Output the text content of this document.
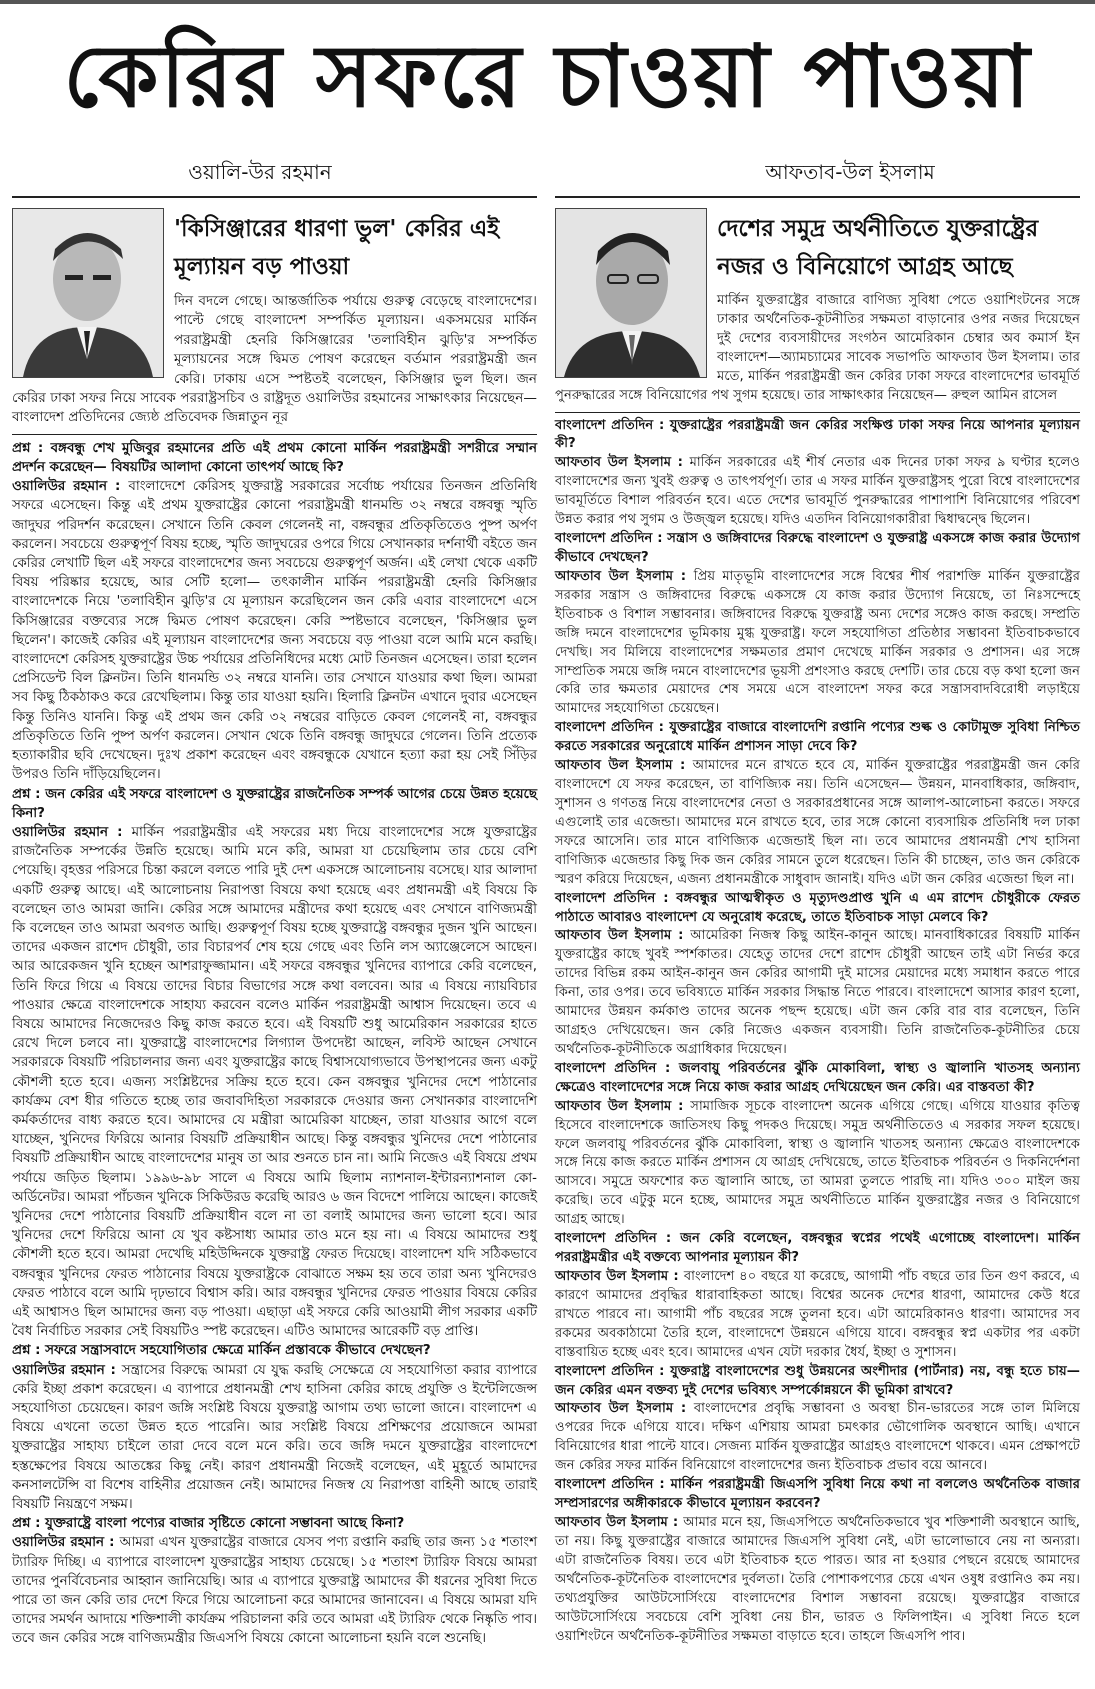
কেরির সফরে চাওয়া পাওয়া
ওয়ালি-উর রহমান	আফতাব-উল ইসলাম
'কিসিঞ্জারের ধারণা ভুল' কেরির এই মূল্যায়ন বড় পাওয়া
দিন বদলে গেছে। আন্তর্জাতিক পর্যায়ে গুরুত্ব বেড়েছে বাংলাদেশের। পাল্টে গেছে বাংলাদেশ সম্পর্কিত মূল্যায়ন। একসময়ের মার্কিন পররাষ্ট্রমন্ত্রী হেনরি কিসিঞ্জারের 'তলাবিহীন ঝুড়ি'র সম্পর্কিত মূল্যায়নের সঙ্গে দ্বিমত পোষণ করেছেন বর্তমান পররাষ্ট্রমন্ত্রী জন কেরি। ঢাকায় এসে স্পষ্টতই বলেছেন, কিসিঞ্জার ভুল ছিল। জন কেরির ঢাকা সফর নিয়ে সাবেক পররাষ্ট্রসচিব ও রাষ্ট্রদূত ওয়ালিউর রহমানের সাক্ষাৎকার নিয়েছেন— বাংলাদেশ প্রতিদিনের জ্যেষ্ঠ প্রতিবেদক জিন্নাতুন নূর

প্রশ্ন : বঙ্গবন্ধু শেখ মুজিবুর রহমানের প্রতি এই প্রথম কোনো মার্কিন পররাষ্ট্রমন্ত্রী সশরীরে সম্মান প্রদর্শন করেছেন— বিষয়টির আলাদা কোনো তাৎপর্য আছে কি?

ওয়ালিউর রহমান : বাংলাদেশে কেরিসহ যুক্তরাষ্ট্র সরকারের সর্বোচ্চ পর্যায়ের তিনজন প্রতিনিধি সফরে এসেছেন। কিন্তু এই প্রথম যুক্তরাষ্ট্রের কোনো পররাষ্ট্রমন্ত্রী ধানমন্ডি ৩২ নম্বরে বঙ্গবন্ধু স্মৃতি জাদুঘর পরিদর্শন করেছেন। সেখানে তিনি কেবল গেলেনই না, বঙ্গবন্ধুর প্রতিকৃতিতেও পুষ্প অর্পণ করলেন। সবচেয়ে গুরুত্বপূর্ণ বিষয় হচ্ছে, স্মৃতি জাদুঘরের ওপরে গিয়ে সেখানকার দর্শনার্থী বইতে জন কেরির লেখাটি ছিল এই সফরে বাংলাদেশের জন্য সবচেয়ে গুরুত্বপূর্ণ অর্জন। এই লেখা থেকে একটি বিষয় পরিষ্কার হয়েছে, আর সেটি হলো— তৎকালীন মার্কিন পররাষ্ট্রমন্ত্রী হেনরি কিসিঞ্জার বাংলাদেশকে নিয়ে 'তলাবিহীন ঝুড়ি'র যে মূল্যায়ন করেছিলেন জন কেরি এবার বাংলাদেশে এসে কিসিঞ্জারের বক্তব্যের সঙ্গে দ্বিমত পোষণ করেছেন। কেরি স্পষ্টভাবে বলেছেন, 'কিসিঞ্জার ভুল ছিলেন'। কাজেই কেরির এই মূল্যায়ন বাংলাদেশের জন্য সবচেয়ে বড় পাওয়া বলে আমি মনে করছি। বাংলাদেশে কেরিসহ যুক্তরাষ্ট্রের উচ্চ পর্যায়ের প্রতিনিধিদের মধ্যে মোট তিনজন এসেছেন। তারা হলেন প্রেসিডেন্ট বিল ক্লিনটন। তিনি ধানমন্ডি ৩২ নম্বরে যাননি। তার সেখানে যাওয়ার কথা ছিল। আমরা সব কিছু ঠিকঠাকও করে রেখেছিলাম। কিন্তু তার যাওয়া হয়নি। হিলারি ক্লিনটন এখানে দুবার এসেছেন কিন্তু তিনিও যাননি। কিন্তু এই প্রথম জন কেরি ৩২ নম্বরের বাড়িতে কেবল গেলেনই না, বঙ্গবন্ধুর প্রতিকৃতিতে তিনি পুষ্প অর্পণ করলেন। সেখান থেকে তিনি বঙ্গবন্ধু জাদুঘরে গেলেন। তিনি প্রত্যেক হত্যাকারীর ছবি দেখেছেন। দুঃখ প্রকাশ করেছেন এবং বঙ্গবন্ধুকে যেখানে হত্যা করা হয় সেই সিঁড়ির উপরও তিনি দাঁড়িয়েছিলেন।

প্রশ্ন : জন কেরির এই সফরে বাংলাদেশ ও যুক্তরাষ্ট্রের রাজনৈতিক সম্পর্ক আগের চেয়ে উন্নত হয়েছে কিনা?

ওয়ালিউর রহমান : মার্কিন পররাষ্ট্রমন্ত্রীর এই সফরের মধ্য দিয়ে বাংলাদেশের সঙ্গে যুক্তরাষ্ট্রের রাজনৈতিক সম্পর্কের উন্নতি হয়েছে। আমি মনে করি, আমরা যা চেয়েছিলাম তার চেয়ে বেশি পেয়েছি। বৃহত্তর পরিসরে চিন্তা করলে বলতে পারি দুই দেশ একসঙ্গে আলোচনায় বসেছে। যার আলাদা একটি গুরুত্ব আছে। এই আলোচনায় নিরাপত্তা বিষয়ে কথা হয়েছে এবং প্রধানমন্ত্রী এই বিষয়ে কি বলেছেন তাও আমরা জানি। কেরির সঙ্গে আমাদের মন্ত্রীদের কথা হয়েছে এবং সেখানে বাণিজ্যমন্ত্রী কি বলেছেন তাও আমরা অবগত আছি। গুরুত্বপূর্ণ বিষয় হচ্ছে যুক্তরাষ্ট্রে বঙ্গবন্ধুর দুজন খুনি আছেন। তাদের একজন রাশেদ চৌধুরী, তার বিচারপর্ব শেষ হয়ে গেছে এবং তিনি লস অ্যাঞ্জেলেসে আছেন। আর আরেকজন খুনি হচ্ছেন আশরাফুজ্জামান। এই সফরে বঙ্গবন্ধুর খুনিদের ব্যাপারে কেরি বলেছেন, তিনি ফিরে গিয়ে এ বিষয়ে তাদের বিচার বিভাগের সঙ্গে কথা বলবেন। আর এ বিষয়ে ন্যায়বিচার পাওয়ার ক্ষেত্রে বাংলাদেশকে সাহায্য করবেন বলেও মার্কিন পররাষ্ট্রমন্ত্রী আশ্বাস দিয়েছেন। তবে এ বিষয়ে আমাদের নিজেদেরও কিছু কাজ করতে হবে। এই বিষয়টি শুধু আমেরিকান সরকারের হাতে রেখে দিলে চলবে না। যুক্তরাষ্ট্রে বাংলাদেশের লিগ্যাল উপদেষ্টা আছেন, লবিস্ট আছেন সেখানে সরকারকে বিষয়টি পরিচালনার জন্য এবং যুক্তরাষ্ট্রের কাছে বিশ্বাসযোগ্যভাবে উপস্থাপনের জন্য একটু কৌশলী হতে হবে। এজন্য সংশ্লিষ্টদের সক্রিয় হতে হবে। কেন বঙ্গবন্ধুর খুনিদের দেশে পাঠানোর কার্যক্রম বেশ ধীর গতিতে হচ্ছে তার জবাবদিহিতা সরকারকে দেওয়ার জন্য সেখানকার বাংলাদেশি কর্মকর্তাদের বাধ্য করতে হবে। আমাদের যে মন্ত্রীরা আমেরিকা যাচ্ছেন, তারা যাওয়ার আগে বলে যাচ্ছেন, খুনিদের ফিরিয়ে আনার বিষয়টি প্রক্রিয়াধীন আছে। কিন্তু বঙ্গবন্ধুর খুনিদের দেশে পাঠানোর বিষয়টি প্রক্রিয়াধীন আছে বাংলাদেশের মানুষ তা আর শুনতে চান না। আমি নিজেও এই বিষয়ে প্রথম পর্যায়ে জড়িত ছিলাম। ১৯৯৬-৯৮ সালে এ বিষয়ে আমি ছিলাম ন্যাশনাল-ইন্টারন্যাশনাল কো-অর্ডিনেটর। আমরা পাঁচজন খুনিকে সিকিউরড করেছি আরও ৬ জন বিদেশে পালিয়ে আছেন। কাজেই খুনিদের দেশে পাঠানোর বিষয়টি প্রক্রিয়াধীন বলে না তা বলাই আমাদের জন্য ভালো হবে। আর খুনিদের দেশে ফিরিয়ে আনা যে খুব কষ্টসাধ্য আমার তাও মনে হয় না। এ বিষয়ে আমাদের শুধু কৌশলী হতে হবে। আমরা দেখেছি মহিউদ্দিনকে যুক্তরাষ্ট্র ফেরত দিয়েছে। বাংলাদেশ যদি সঠিকভাবে বঙ্গবন্ধুর খুনিদের ফেরত পাঠানোর বিষয়ে যুক্তরাষ্ট্রকে বোঝাতে সক্ষম হয় তবে তারা অন্য খুনিদেরও ফেরত পাঠাবে বলে আমি দৃঢ়ভাবে বিশ্বাস করি। আর বঙ্গবন্ধুর খুনিদের ফেরত পাওয়ার বিষয়ে কেরির এই আশ্বাসও ছিল আমাদের জন্য বড় পাওয়া। এছাড়া এই সফরে কেরি আওয়ামী লীগ সরকার একটি বৈধ নির্বাচিত সরকার সেই বিষয়টিও স্পষ্ট করেছেন। এটিও আমাদের আরেকটি বড় প্রাপ্তি।

প্রশ্ন : সফরে সন্ত্রাসবাদে সহযোগিতার ক্ষেত্রে মার্কিন প্রস্তাবকে কীভাবে দেখছেন?

ওয়ালিউর রহমান : সন্ত্রাসের বিরুদ্ধে আমরা যে যুদ্ধ করছি সেক্ষেত্রে যে সহযোগিতা করার ব্যাপারে কেরি ইচ্ছা প্রকাশ করেছেন। এ ব্যাপারে প্রধানমন্ত্রী শেখ হাসিনা কেরির কাছে প্রযুক্তি ও ইন্টেলিজেন্স সহযোগিতা চেয়েছেন। কারণ জঙ্গি সংশ্লিষ্ট বিষয়ে যুক্তরাষ্ট্র আগাম তথ্য ভালো জানে। বাংলাদেশ এ বিষয়ে এখনো ততো উন্নত হতে পারেনি। আর সংশ্লিষ্ট বিষয়ে প্রশিক্ষণের প্রয়োজনে আমরা যুক্তরাষ্ট্রের সাহায্য চাইলে তারা দেবে বলে মনে করি। তবে জঙ্গি দমনে যুক্তরাষ্ট্রের বাংলাদেশে হস্তক্ষেপের বিষয়ে আতঙ্কের কিছু নেই। কারণ প্রধানমন্ত্রী নিজেই বলেছেন, এই মুহূর্তে আমাদের কনসালটেন্সি বা বিশেষ বাহিনীর প্রয়োজন নেই। আমাদের নিজস্ব যে নিরাপত্তা বাহিনী আছে তারাই বিষয়টি নিয়ন্ত্রণে সক্ষম।

প্রশ্ন : যুক্তরাষ্ট্রে বাংলা পণ্যের বাজার সৃষ্টিতে কোনো সম্ভাবনা আছে কিনা?

ওয়ালিউর রহমান : আমরা এখন যুক্তরাষ্ট্রের বাজারে যেসব পণ্য রপ্তানি করছি তার জন্য ১৫ শতাংশ ট্যারিফ দিচ্ছি। এ ব্যাপারে বাংলাদেশ যুক্তরাষ্ট্রের সাহায্য চেয়েছে। ১৫ শতাংশ ট্যারিফ বিষয়ে আমরা তাদের পুনর্বিবেচনার আহ্বান জানিয়েছি। আর এ ব্যাপারে যুক্তরাষ্ট্র আমাদের কী ধরনের সুবিধা দিতে পারে তা জন কেরি তার দেশে ফিরে গিয়ে আলোচনা করে আমাদের জানাবেন। এ বিষয়ে আমরা যদি তাদের সমর্থন আদায়ে শক্তিশালী কার্যক্রম পরিচালনা করি তবে আমরা এই ট্যারিফ থেকে নিষ্কৃতি পাব। তবে জন কেরির সঙ্গে বাণিজ্যমন্ত্রীর জিএসপি বিষয়ে কোনো আলোচনা হয়নি বলে শুনেছি।

দেশের সমুদ্র অর্থনীতিতে যুক্তরাষ্ট্রের নজর ও বিনিয়োগে আগ্রহ আছে
মার্কিন যুক্তরাষ্ট্রের বাজারে বাণিজ্য সুবিধা পেতে ওয়াশিংটনের সঙ্গে ঢাকার অর্থনৈতিক-কূটনীতির সক্ষমতা বাড়ানোর ওপর নজর দিয়েছেন দুই দেশের ব্যবসায়ীদের সংগঠন আমেরিকান চেম্বার অব কমার্স ইন বাংলাদেশ—অ্যামচ্যামের সাবেক সভাপতি আফতাব উল ইসলাম। তার মতে, মার্কিন পররাষ্ট্রমন্ত্রী জন কেরির ঢাকা সফরে বাংলাদেশের ভাবমূর্তি পুনরুদ্ধারের সঙ্গে বিনিয়োগের পথ সুগম হয়েছে। তার সাক্ষাৎকার নিয়েছেন— রুহুল আমিন রাসেল

বাংলাদেশ প্রতিদিন : যুক্তরাষ্ট্রের পররাষ্ট্রমন্ত্রী জন কেরির সংক্ষিপ্ত ঢাকা সফর নিয়ে আপনার মূল্যায়ন কী?

আফতাব উল ইসলাম : মার্কিন সরকারের এই শীর্ষ নেতার এক দিনের ঢাকা সফর ৯ ঘণ্টার হলেও বাংলাদেশের জন্য খুবই গুরুত্ব ও তাৎপর্যপূর্ণ। তার এ সফর মার্কিন যুক্তরাষ্ট্রসহ পুরো বিশ্বে বাংলাদেশের ভাবমূর্তিতে বিশাল পরিবর্তন হবে। এতে দেশের ভাবমূর্তি পুনরুদ্ধারের পাশাপাশি বিনিয়োগের পরিবেশ উন্নত করার পথ সুগম ও উজ্জ্বল হয়েছে। যদিও এতদিন বিনিয়োগকারীরা দ্বিধাদ্বন্দ্বে ছিলেন।

বাংলাদেশ প্রতিদিন : সন্ত্রাস ও জঙ্গিবাদের বিরুদ্ধে বাংলাদেশ ও যুক্তরাষ্ট্র একসঙ্গে কাজ করার উদ্যোগ কীভাবে দেখছেন?

আফতাব উল ইসলাম : প্রিয় মাতৃভূমি বাংলাদেশের সঙ্গে বিশ্বের শীর্ষ পরাশক্তি মার্কিন যুক্তরাষ্ট্রের সরকার সন্ত্রাস ও জঙ্গিবাদের বিরুদ্ধে একসঙ্গে যে কাজ করার উদ্যোগ নিয়েছে, তা নিঃসন্দেহে ইতিবাচক ও বিশাল সম্ভাবনার। জঙ্গিবাদের বিরুদ্ধে যুক্তরাষ্ট্র অন্য দেশের সঙ্গেও কাজ করছে। সম্প্রতি জঙ্গি দমনে বাংলাদেশের ভূমিকায় মুগ্ধ যুক্তরাষ্ট্র। ফলে সহযোগিতা প্রতিষ্ঠার সম্ভাবনা ইতিবাচকভাবে দেখছি। সব মিলিয়ে বাংলাদেশের সক্ষমতার প্রমাণ দেখেছে মার্কিন সরকার ও প্রশাসন। এর সঙ্গে সাম্প্রতিক সময়ে জঙ্গি দমনে বাংলাদেশের ভূয়সী প্রশংসাও করছে দেশটি। তার চেয়ে বড় কথা হলো জন কেরি তার ক্ষমতার মেয়াদের শেষ সময়ে এসে বাংলাদেশ সফর করে সন্ত্রাসবাদবিরোধী লড়াইয়ে আমাদের সহযোগিতা চেয়েছেন।

বাংলাদেশ প্রতিদিন : যুক্তরাষ্ট্রের বাজারে বাংলাদেশি রপ্তানি পণ্যের শুল্ক ও কোটামুক্ত সুবিধা নিশ্চিত করতে সরকারের অনুরোধে মার্কিন প্রশাসন সাড়া দেবে কি?

আফতাব উল ইসলাম : আমাদের মনে রাখতে হবে যে, মার্কিন যুক্তরাষ্ট্রের পররাষ্ট্রমন্ত্রী জন কেরি বাংলাদেশে যে সফর করেছেন, তা বাণিজ্যিক নয়। তিনি এসেছেন— উন্নয়ন, মানবাধিকার, জঙ্গিবাদ, সুশাসন ও গণতন্ত্র নিয়ে বাংলাদেশের নেতা ও সরকারপ্রধানের সঙ্গে আলাপ-আলোচনা করতে। সফরে এগুলোই তার এজেন্ডা। আমাদের মনে রাখতে হবে, তার সঙ্গে কোনো ব্যবসায়িক প্রতিনিধি দল ঢাকা সফরে আসেনি। তার মানে বাণিজ্যিক এজেন্ডাই ছিল না। তবে আমাদের প্রধানমন্ত্রী শেখ হাসিনা বাণিজ্যিক এজেন্ডার কিছু দিক জন কেরির সামনে তুলে ধরেছেন। তিনি কী চাচ্ছেন, তাও জন কেরিকে স্মরণ করিয়ে দিয়েছেন, এজন্য প্রধানমন্ত্রীকে সাধুবাদ জানাই। যদিও এটা জন কেরির এজেন্ডা ছিল না।

বাংলাদেশ প্রতিদিন : বঙ্গবন্ধুর আত্মস্বীকৃত ও মৃত্যুদণ্ডপ্রাপ্ত খুনি এ এম রাশেদ চৌধুরীকে ফেরত পাঠাতে আবারও বাংলাদেশ যে অনুরোধ করেছে, তাতে ইতিবাচক সাড়া মেলবে কি?

আফতাব উল ইসলাম : আমেরিকা নিজস্ব কিছু আইন-কানুন আছে। মানবাধিকারের বিষয়টি মার্কিন যুক্তরাষ্ট্রের কাছে খুবই স্পর্শকাতর। যেহেতু তাদের দেশে রাশেদ চৌধুরী আছেন তাই এটা নির্ভর করে তাদের বিভিন্ন রকম আইন-কানুন জন কেরির আগামী দুই মাসের মেয়াদের মধ্যে সমাধান করতে পারে কিনা, তার ওপর। তবে ভবিষ্যতে মার্কিন সরকার সিদ্ধান্ত নিতে পারবে। বাংলাদেশে আসার কারণ হলো, আমাদের উন্নয়ন কর্মকাণ্ড তাদের অনেক পছন্দ হয়েছে। এটা জন কেরি বার বার বলেছেন, তিনি আগ্রহও দেখিয়েছেন। জন কেরি নিজেও একজন ব্যবসায়ী। তিনি রাজনৈতিক-কূটনীতির চেয়ে অর্থনৈতিক-কূটনীতিকে অগ্রাধিকার দিয়েছেন।

বাংলাদেশ প্রতিদিন : জলবায়ু পরিবর্তনের ঝুঁকি মোকাবিলা, স্বাস্থ্য ও জ্বালানি খাতসহ অন্যান্য ক্ষেত্রেও বাংলাদেশের সঙ্গে নিয়ে কাজ করার আগ্রহ দেখিয়েছেন জন কেরি। এর বাস্তবতা কী?

আফতাব উল ইসলাম : সামাজিক সূচকে বাংলাদেশ অনেক এগিয়ে গেছে। এগিয়ে যাওয়ার কৃতিত্ব হিসেবে বাংলাদেশকে জাতিসংঘ কিছু পদকও দিয়েছে। সমুদ্র অর্থনীতিতেও এ সরকার সফল হয়েছে। ফলে জলবায়ু পরিবর্তনের ঝুঁকি মোকাবিলা, স্বাস্থ্য ও জ্বালানি খাতসহ অন্যান্য ক্ষেত্রেও বাংলাদেশকে সঙ্গে নিয়ে কাজ করতে মার্কিন প্রশাসন যে আগ্রহ দেখিয়েছে, তাতে ইতিবাচক পরিবর্তন ও দিকনির্দেশনা আসবে। সমুদ্রে অফশোর কত জ্বালানি আছে, তা আমরা তুলতে পারছি না। যদিও ৩০০ মাইল জয় করেছি। তবে এটুকু মনে হচ্ছে, আমাদের সমুদ্র অর্থনীতিতে মার্কিন যুক্তরাষ্ট্রের নজর ও বিনিয়োগে আগ্রহ আছে।

বাংলাদেশ প্রতিদিন : জন কেরি বলেছেন, বঙ্গবন্ধুর স্বপ্নের পথেই এগোচ্ছে বাংলাদেশ। মার্কিন পররাষ্ট্রমন্ত্রীর এই বক্তব্যে আপনার মূল্যায়ন কী?

আফতাব উল ইসলাম : বাংলাদেশ ৪০ বছরে যা করেছে, আগামী পাঁচ বছরে তার তিন গুণ করবে, এ কারণে আমাদের প্রবৃদ্ধির ধারাবাহিকতা আছে। বিশ্বের অনেক দেশের ধারণা, আমাদের কেউ ধরে রাখতে পারবে না। আগামী পাঁচ বছরের সঙ্গে তুলনা হবে। এটা আমেরিকানও ধারণা। আমাদের সব রকমের অবকাঠামো তৈরি হলে, বাংলাদেশে উন্নয়নে এগিয়ে যাবে। বঙ্গবন্ধুর স্বপ্ন একটার পর একটা বাস্তবায়িত হচ্ছে এবং হবে। আমাদের এখন যেটা দরকার ধৈর্য, ইচ্ছা ও সুশাসন।

বাংলাদেশ প্রতিদিন : যুক্তরাষ্ট্র বাংলাদেশের শুধু উন্নয়নের অংশীদার (পার্টনার) নয়, বন্ধু হতে চায়— জন কেরির এমন বক্তব্য দুই দেশের ভবিষ্যৎ সম্পর্কোন্নয়নে কী ভূমিকা রাখবে?

আফতাব উল ইসলাম : বাংলাদেশের প্রবৃদ্ধি সম্ভাবনা ও অবস্থা চীন-ভারতের সঙ্গে তাল মিলিয়ে ওপরের দিকে এগিয়ে যাবে। দক্ষিণ এশিয়ায় আমরা চমৎকার ভৌগোলিক অবস্থানে আছি। এখানে বিনিয়োগের ধারা পাল্টে যাবে। সেজন্য মার্কিন যুক্তরাষ্ট্রের আগ্রহও বাংলাদেশে থাকবে। এমন প্রেক্ষাপটে জন কেরির সফর মার্কিন বিনিয়োগে বাংলাদেশের জন্য ইতিবাচক প্রভাব বয়ে আনবে।

বাংলাদেশ প্রতিদিন : মার্কিন পররাষ্ট্রমন্ত্রী জিএসপি সুবিধা নিয়ে কথা না বললেও অর্থনৈতিক বাজার সম্প্রসারণের অঙ্গীকারকে কীভাবে মূল্যায়ন করবেন?

আফতাব উল ইসলাম : আমার মনে হয়, জিএসপিতে অর্থনৈতিকভাবে খুব শক্তিশালী অবস্থানে আছি, তা নয়। কিছু যুক্তরাষ্ট্রের বাজারে আমাদের জিএসপি সুবিধা নেই, এটা ভালোভাবে নেয় না অন্যরা। এটা রাজনৈতিক বিষয়। তবে এটা ইতিবাচক হতে পারত। আর না হওয়ার পেছনে রয়েছে আমাদের অর্থনৈতিক-কূটনৈতিক বাংলাদেশের দুর্বলতা। তৈরি পোশাকপণ্যের চেয়ে এখন ওষুধ রপ্তানিও কম নয়। তথ্যপ্রযুক্তির আউটসোর্সিংয়ে বাংলাদেশের বিশাল সম্ভাবনা রয়েছে। যুক্তরাষ্ট্রের বাজারে আউটসোর্সিংয়ে সবচেয়ে বেশি সুবিধা নেয় চীন, ভারত ও ফিলিপাইন। এ সুবিধা নিতে হলে ওয়াশিংটনে অর্থনৈতিক-কূটনীতির সক্ষমতা বাড়াতে হবে। তাহলে জিএসপি পাব।
